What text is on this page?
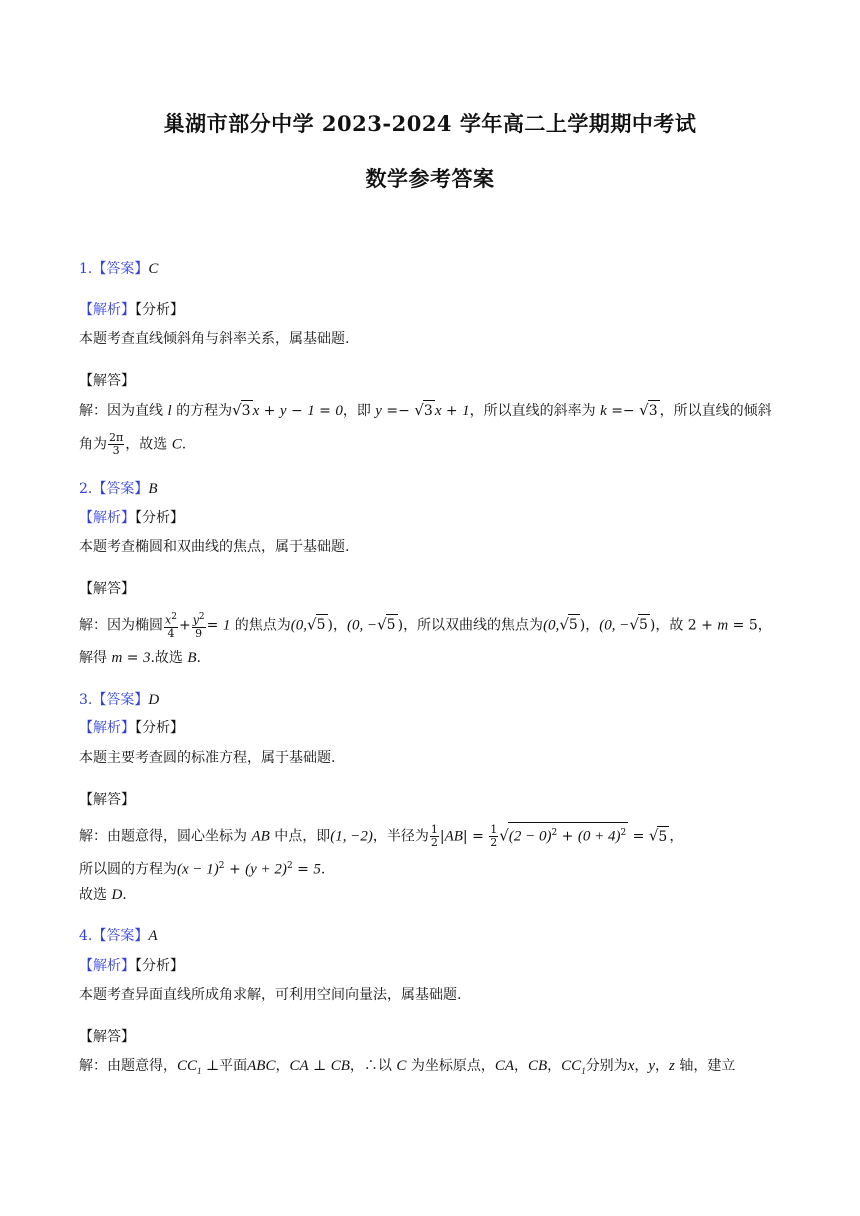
巢湖市部分中学 2023-2024 学年高二上学期期中考试
数学参考答案
1.【答案】C
【解析】【分析】
本题考查直线倾斜角与斜率关系，属基础题.
【解答】
解：因为直线 l 的方程为√3 x + y − 1 = 0，即 y =− √3 x + 1，所以直线的斜率为 k =− √3 ，所以直线的倾斜
角为 $\frac{2\pi}{3}$ ，故选 C.
2.【答案】B
【解析】【分析】
本题考查椭圆和双曲线的焦点，属于基础题.
【解答】
解：因为椭圆 $\frac{x^2}{4} + \frac{y^2}{9} = 1$ 的焦点为(0,√5 )，(0, −√5 )，所以双曲线的焦点为(0,√5 )，(0, −√5 )，故 2 + m = 5，
解得 m = 3.故选 B.
3.【答案】D
【解析】【分析】
本题主要考查圆的标准方程，属于基础题.
【解答】
解：由题意得，圆心坐标为 AB 中点，即(1, −2)，半径为 $\frac{1}{2} |AB| = \frac{1}{2} √(2 - 0)^2 + (0 + 4)^2 = √5$ ，
所以圆的方程为$(x - 1)^2 + (y + 2)^2 = 5$.
故选 D.
4.【答案】A
【解析】【分析】
本题考查异面直线所成角求解，可利用空间向量法，属基础题.
【解答】
解：由题意得，$CC_1$ ⊥平面ABC，CA ⊥ CB，∴以 C 为坐标原点，CA，CB，$CC_1$分别为x，y，z 轴，建立
